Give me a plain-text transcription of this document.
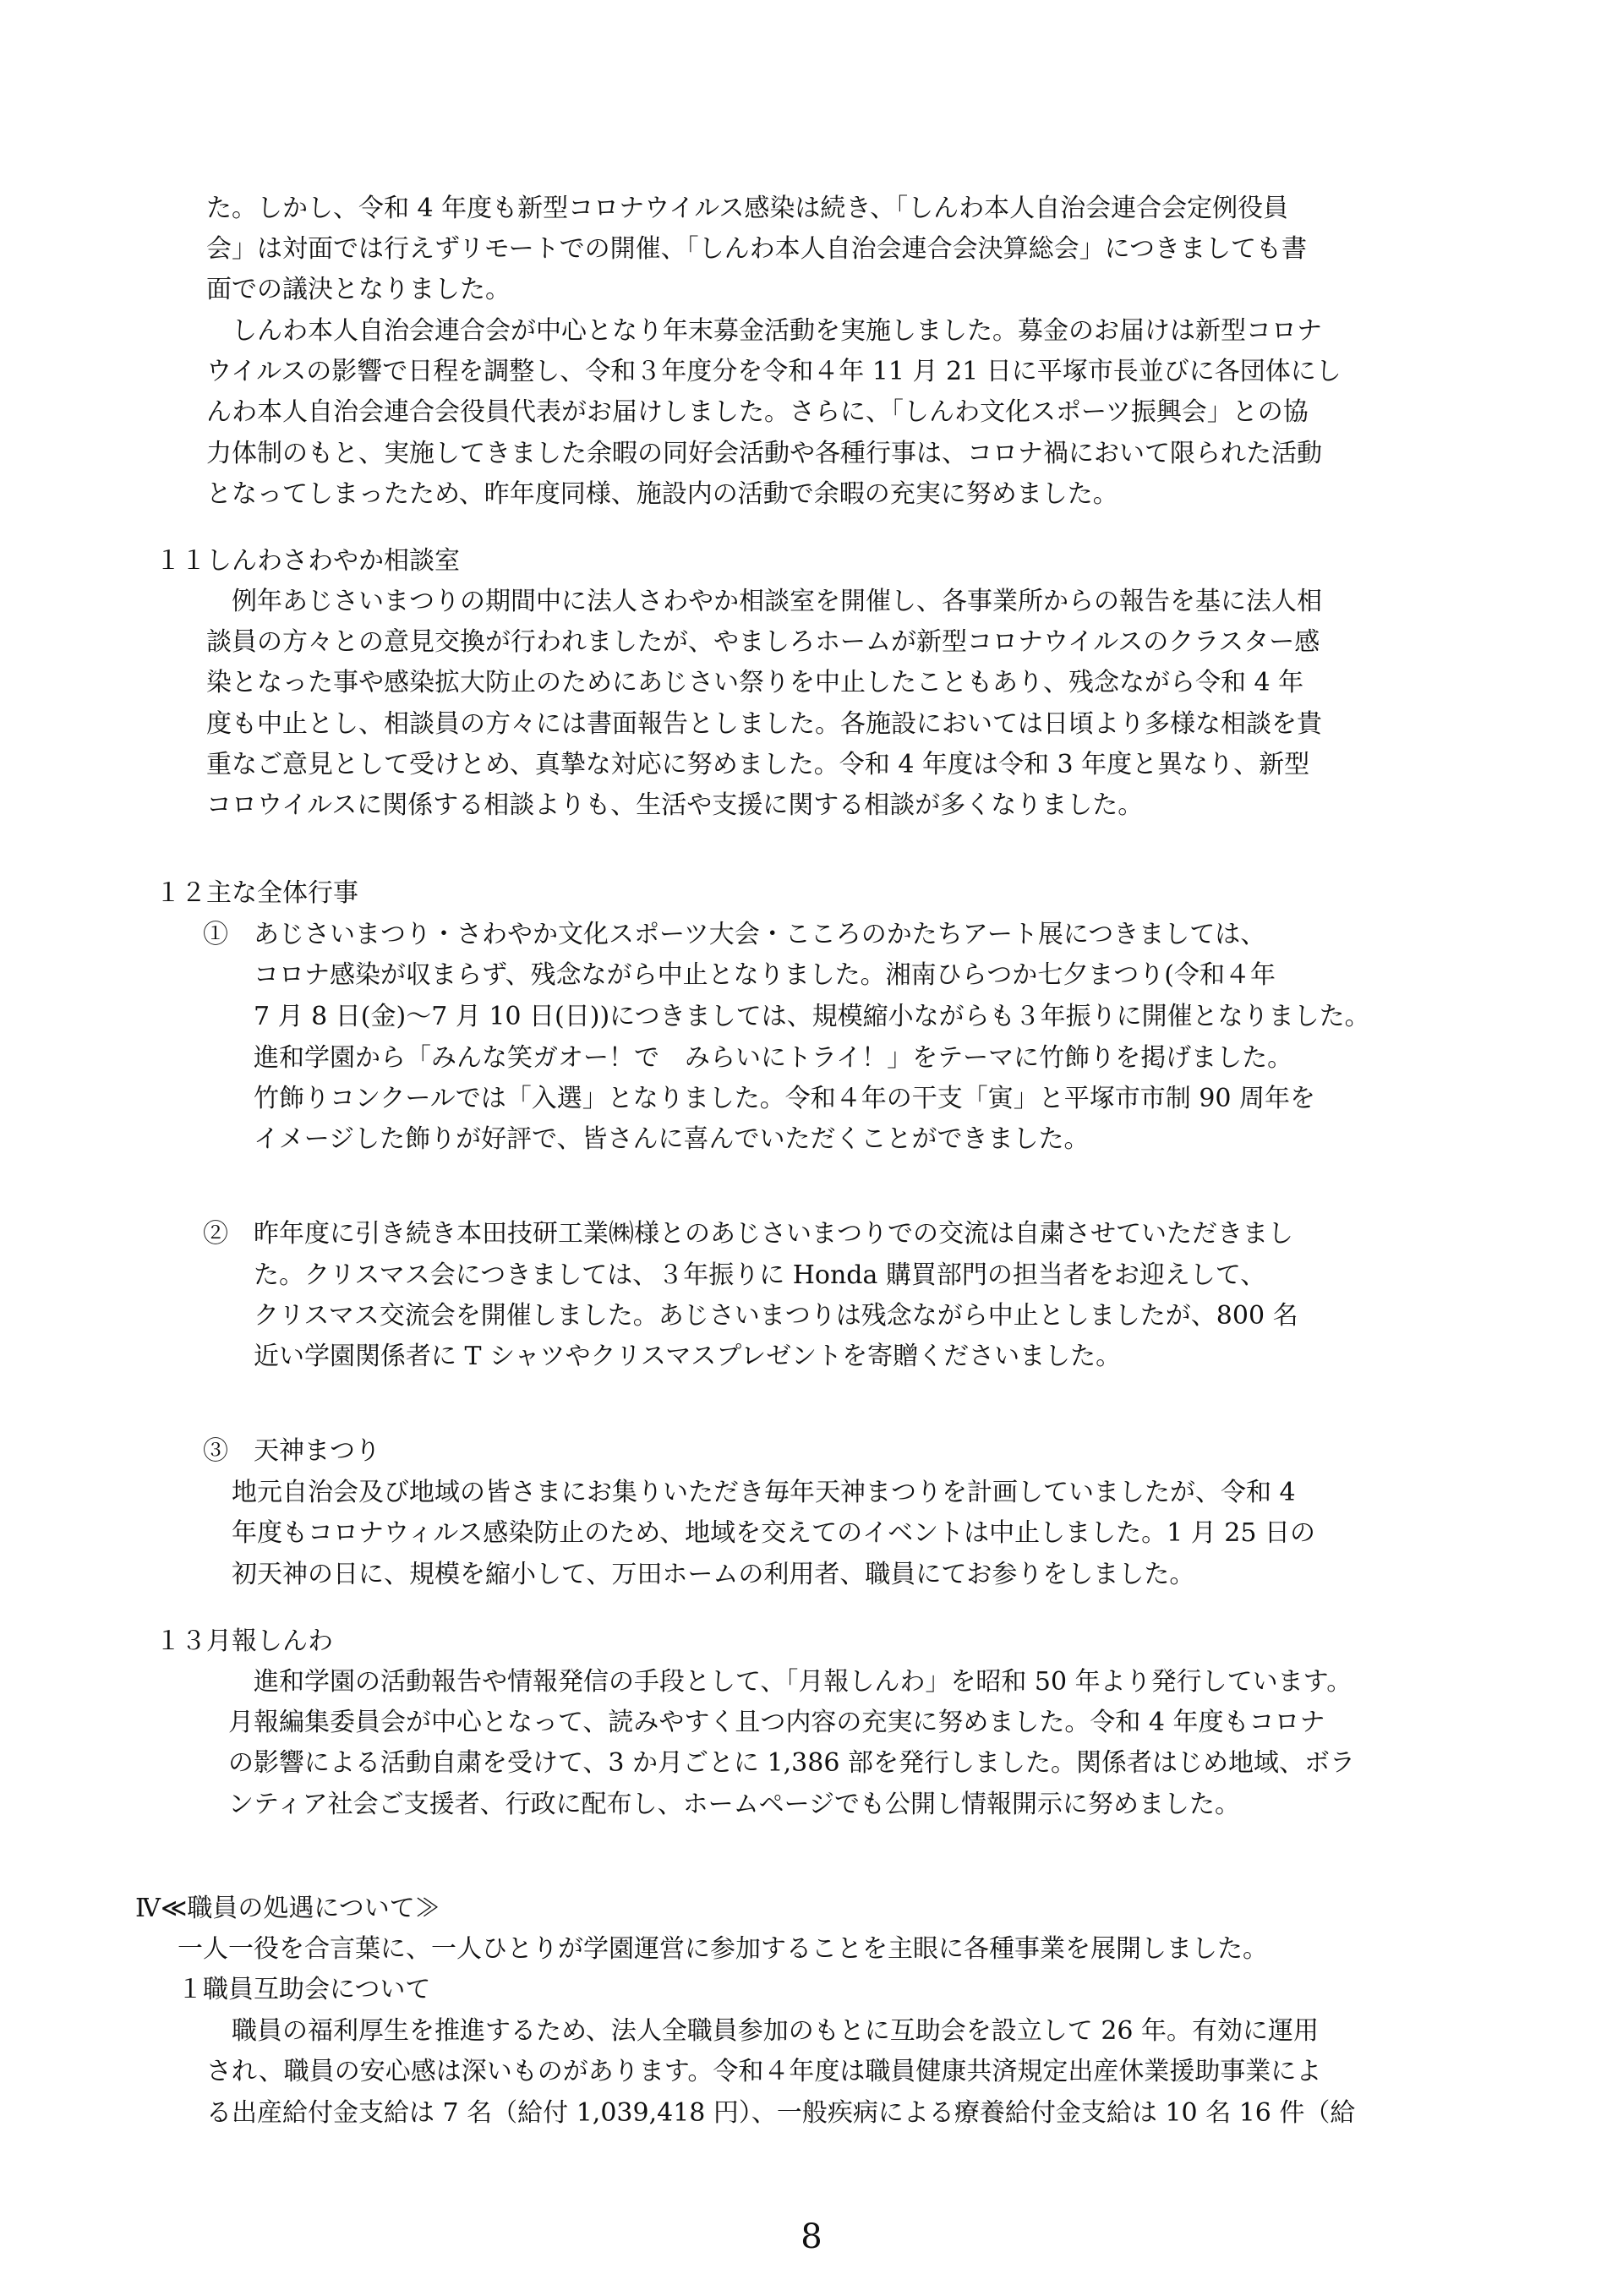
た。しかし、令和 4 年度も新型コロナウイルス感染は続き、「しんわ本人自治会連合会定例役員
会」は対面では行えずリモートでの開催、「しんわ本人自治会連合会決算総会」につきましても書
面での議決となりました。
しんわ本人自治会連合会が中心となり年末募金活動を実施しました。募金のお届けは新型コロナ
ウイルスの影響で日程を調整し、令和３年度分を令和４年 11 月 21 日に平塚市長並びに各団体にし
んわ本人自治会連合会役員代表がお届けしました。さらに、「しんわ文化スポーツ振興会」との協
力体制のもと、実施してきました余暇の同好会活動や各種行事は、コロナ禍において限られた活動
となってしまったため、昨年度同様、施設内の活動で余暇の充実に努めました。
１１しんわさわやか相談室
例年あじさいまつりの期間中に法人さわやか相談室を開催し、各事業所からの報告を基に法人相
談員の方々との意見交換が行われましたが、やましろホームが新型コロナウイルスのクラスター感
染となった事や感染拡大防止のためにあじさい祭りを中止したこともあり、残念ながら令和 4 年
度も中止とし、相談員の方々には書面報告としました。各施設においては日頃より多様な相談を貴
重なご意見として受けとめ、真摯な対応に努めました。令和 4 年度は令和 3 年度と異なり、新型
コロウイルスに関係する相談よりも、生活や支援に関する相談が多くなりました。
１２主な全体行事
①　あじさいまつり・さわやか文化スポーツ大会・こころのかたちアート展につきましては、
コロナ感染が収まらず、残念ながら中止となりました。湘南ひらつか七夕まつり(令和４年
7 月 8 日(金)〜7 月 10 日(日))につきましては、規模縮小ながらも３年振りに開催となりました。
進和学園から「みんな笑ガオー！で　みらいにトライ！」をテーマに竹飾りを掲げました。
竹飾りコンクールでは「入選」となりました。令和４年の干支「寅」と平塚市市制 90 周年を
イメージした飾りが好評で、皆さんに喜んでいただくことができました。
②　昨年度に引き続き本田技研工業㈱様とのあじさいまつりでの交流は自粛させていただきまし
た。クリスマス会につきましては、３年振りに Honda 購買部門の担当者をお迎えして、
クリスマス交流会を開催しました。あじさいまつりは残念ながら中止としましたが、800 名
近い学園関係者に T シャツやクリスマスプレゼントを寄贈くださいました。
③　天神まつり
地元自治会及び地域の皆さまにお集りいただき毎年天神まつりを計画していましたが、令和 4
年度もコロナウィルス感染防止のため、地域を交えてのイベントは中止しました。1 月 25 日の
初天神の日に、規模を縮小して、万田ホームの利用者、職員にてお参りをしました。
１３月報しんわ
進和学園の活動報告や情報発信の手段として、「月報しんわ」を昭和 50 年より発行しています。
月報編集委員会が中心となって、読みやすく且つ内容の充実に努めました。令和 4 年度もコロナ
の影響による活動自粛を受けて、3 か月ごとに 1,386 部を発行しました。関係者はじめ地域、ボラ
ンティア社会ご支援者、行政に配布し、ホームページでも公開し情報開示に努めました。
Ⅳ≪職員の処遇について≫
一人一役を合言葉に、一人ひとりが学園運営に参加することを主眼に各種事業を展開しました。
１職員互助会について
職員の福利厚生を推進するため、法人全職員参加のもとに互助会を設立して 26 年。有効に運用
され、職員の安心感は深いものがあります。令和４年度は職員健康共済規定出産休業援助事業によ
る出産給付金支給は 7 名（給付 1,039,418 円）、一般疾病による療養給付金支給は 10 名 16 件（給
8
